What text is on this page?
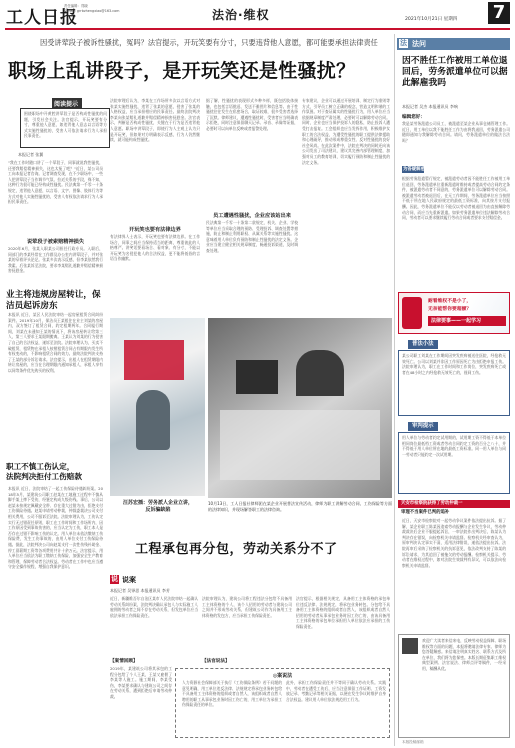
工人日报
责任编辑：郑晓
E-mail: grrbzhengxiao@163.com	法治·维权	2021年10月21日 星期四 7
因受讲荤段子被诉性骚扰，冤吗？法官提示，开玩笑要有分寸，只要违背他人意愿，都可能要承担法律责任
职场上乱讲段子，是开玩笑还是性骚扰？
阅读提示
围绕职场中开黄腔讲荤段子是否构成性骚扰的问题，引发社会关注。法官提示，开玩笑要有分寸，尊重他人意愿，如违背他人意志以言语等方式实施性骚扰的，受害人可依法请求行为人承担民事责任。
本报记者 张翼
"我在工作时随口讲了一个荤段子，同事就说我性骚扰，还要我赔偿精神损失，这也太冤了吧？"近日，某公司员工向本报记者咨询。记者调查发现，在不少职场中，一些人把讲荤段子当作调节气氛、拉近关系的手段，殊不知，这种行为很可能已经构成性骚扰。民法典第一千零一十条规定，违背他人意愿，以言语、文字、图像、肢体行为等方式对他人实施性骚扰的，受害人有权依法请求行为人承担民事责任。
说荤段子被索赔精神损失
2020年6月，张某入职某公司担任行政专员。入职后，同部门的李某经常在工作群及办公室内讲荤段子，并对张某的穿着评头论足。张某多次表示反感，但李某依然我行我素。后张某诉至法院，要求李某赔礼道歉并赔偿精神损害抚慰金。
业主将违规房屋转让，保洁员起诉房东
本报讯 近日，某区人民法院审结一起房屋租赁合同纠纷案件。2019年10月，保洁员王某租住在业主刘某的房屋内，双方签订了租赁合同，约定租期两年。合同履行期间，刘某在未通知王某的情况下，将该房屋转让给第三人，第三人要求王某限期搬离。王某认为刘某的行为侵害了自己的合法权益，遂诉至法院。法院审理认为，买卖不破租赁，租赁物在承租人按照租赁合同占有期限内发生所有权变动的，不影响租赁合同的效力。最终法院判决支持了王某的部分诉讼请求。法官提示，出租人在租赁期限内转让房屋的，应当在合理期限内通知承租人，承租人享有以同等条件优先购买的权利。
职工不慎工伤认定，
法院判决拒付工伤赔款
本报讯 近日，法院审结了一起工伤保险待遇纠纷案。2018年5月，某建筑公司职工赵某在工地施工过程中不慎从脚手架上摔下受伤，经鉴定构成九级伤残。事后，公司以赵某未按规定佩戴安全带、存在重大过错为由，拒绝支付工伤保险待遇。赵某申请劳动仲裁，仲裁委裁决公司支付相关费用，公司不服诉至法院。法院审理认为，工伤认定实行无过错责任原则，职工在工作时间和工作场所内，因工作原因受到事故伤害的，应当认定为工伤，职工本人是否存在过错不影响工伤的认定。用人单位未依法缴纳工伤保险费，发生工伤事故的，由用人单位支付工伤保险待遇。据此，法院判决公司向赵某支付一次性伤残补助金、停工留薪期工资等各项费用共计十余万元。法官提示，用人单位应当依法为职工缴纳工伤保险，加强安全生产教育和管理，保障劳动者合法权益。劳动者在工作中也应当遵守安全操作规程，增强自我保护意识。
法院审理后认为，李某在工作场所多次以言语方式对张某实施性骚扰，违背了张某的意愿，侵害了张某的人格权益，应当承担相应的民事责任。最终法院判决李某向张某赔礼道歉并赔偿精神损害抚慰金。法官表示，判断是否构成性骚扰，关键在于行为是否违背他人意愿。职场中讲荤段子，即使行为人主观上认为只是开玩笑，但如果对方明确表示反感，行为人仍然继续，就可能构成性骚扰。
开玩笑也要有法律边界
有法律界人士表示，开玩笑也要有法律边界。在工作场合，同事之间应当保持适当的距离，尊重彼此的人格尊严。讲笑话要看场合、看对象、有分寸，不能以开玩笑为名侵犯他人的合法权益，更不能将低俗的言语当作幽默。
据了解，性骚扰的表现形式多种多样，既包括肢体接触，也包括言语挑逗、发送不雅图片和信息等。由于性骚扰往往发生在私密场合，取证较难，很多受害者选择了沉默。律师建议，遭遇性骚扰时，受害者应当明确表示拒绝，同时注意保留聊天记录、录音、录像等证据，必要时可以向单位反映或者报警处理。
员工遭遇性骚扰，企业应该站出来
民法典第一千零一十条第二款规定，机关、企业、学校等单位应当采取合理的预防、受理投诉、调查处置等措施，防止和制止利用职权、从属关系等实施性骚扰。这意味着用人单位负有预防和制止性骚扰的法定义务。企业应当建立健全相关规章制度，畅通投诉渠道，及时调查处理。
专家建议，企业可以通过开展培训、制定行为准则等方式，引导员工树立正确的观念，营造文明和谐的工作氛围。对于查证属实的性骚扰行为，用人单位应当依据规章制度严肃处理，必要时可以解除劳动合同。同时，企业也应当保护投诉人的隐私，防止投诉人遭受打击报复。工会组织也应当发挥作用，积极维护女职工的合法权益，为遭受性骚扰的职工提供法律援助和心理疏导，推动形成尊重女性、反对性骚扰的良好社会风尚。在此次案件中，法院在判决的同时还向该公司发出了司法建议，建议其完善内部管理制度，加强对员工的教育培训，切实履行预防和制止性骚扰的法定义务。
汪苏宏插：劳务派人企业立讲，
反诉骗缺陷
10月13日，工人日报社律师团在某企业开展普法宣传活动，律师为职工讲解劳动合同、工伤保险等方面的法律知识，并现场解答职工的法律咨询。
工程承包再分包，劳动关系分不了
说 说案
本报记者 吴铎思 本报通讯员 李芳
近日，新疆维吾尔自治区某市人民法院审结一起确认劳动关系纠纷案，法院判决确认承包人与实际施工人雇佣的劳动者之间不存在劳动关系，但发包单位应当依法承担工伤保险责任。
【案情回顾】
2019年，某建筑公司将其承包的工程分包给了个人王某，王某又雇佣了李某等人施工。施工期间，李某受伤，李某要求确认与建筑公司之间存在劳动关系，遭到拒绝后申请劳动仲裁。
法院审理认为，建筑公司将工程违法分包给不具备用工主体资格的个人，该个人招用的劳动者与建筑公司之间并不形成劳动关系，但建筑公司作为具备用工主体资格的发包方，应当承担工伤保险责任。
【法官说法】
法官提示，根据相关规定，具备用工主体资格的承包单位违反法律、法规规定，将承包业务转包、分包给不具备用工主体资格的组织或者自然人，该组织或者自然人招用的劳动者从事承包业务时因工伤亡的，由该具备用工主体资格的承包单位承担用人单位依法应承担的工伤保险责任。
◎案说法
人力资源社会保障部关于执行《工伤保险条例》若干问题的意见明确，用工单位违反法律、法规规定将承包业务转包给不具备用工主体资格的组织或者自然人，该组织或者自然人聘用的职工从事承包业务时因工伤亡的，用工单位为承担工伤保险责任的单位。
此外，承担工伤保险责任并不等同于确认劳动关系。实践中，劳动者在遭受工伤后，应当注意保留工作证明、工资发放记录、考勤记录等相关证据，以便在发生争议时维护自身合法权益。建议用人单位依法规范用工行为。
法 法问
因不胜任工作被用工单位退回后，劳务派遣单位可以据此解雇我吗
本报记者 吴杰 本报通讯员 李响
编辑您好：
我是某劳务派遣公司员工，被派遣至某企业从事仓储管理工作。近日，用工单位以我不能胜任工作为由将我退回，劳务派遣公司随即通知与我解除劳动合同。请问，劳务派遣单位的做法合法吗？
为答疑解惑
根据劳务派遣暂行规定，被派遣劳动者因不能胜任工作被用工单位退回，劳务派遣单位重新派遣时维持或者提高劳动合同约定条件，被派遣劳动者不同意的，劳务派遣单位可以解除劳动合同。被派遣劳动者被退回后，在无工作期间，劳务派遣单位应当按照不低于所在地人民政府规定的最低工资标准，向其按月支付报酬。因此，劳务派遣单位不能仅以劳动者被退回为由直接解除劳动合同，而应当先重新派遣。如果劳务派遣单位违法解除劳动合同，劳动者可以要求继续履行劳动合同或者要求支付赔偿金。
耐看维权不是小了，
无奈能帮你要超额？
法律要事——一起学习
普法小法
某公司职工刘某在工作期间因突发疾病被送往医院，经抢救无效死亡。公司以刘某并非因工作原因死亡为由拒绝申报工伤。法院审理认为，职工在工作时间和工作岗位，突发疾病死亡或者在48小时之内经抢救无效死亡的，视同工伤。
审判提示
用人单位与劳动者约定试用期的，试用期工资不得低于本单位相同岗位最低档工资或者劳动合同约定工资的百分之八十，并不得低于用人单位所在地的最低工资标准。同一用人单位与同一劳动者只能约定一次试用期。
天安市检察院获得了劳动仲裁一
审理不当案件已判的追补
近日，天安市检察院对一起劳动争议案件依法提出抗诉。据了解，某企业职工陈某因追索劳动报酬与企业发生争议，劳动仲裁裁决后企业不服提起诉讼，一审法院作出判决后，陈某认为判决存在错误，向检察机关申请监督。检察机关经审查认为，原审判决认定事实不清，适用法律错误，遂依法提出抗诉。法院再审后采纳了检察机关的抗诉意见，依法改判支持了陈某的诉讼请求，为其追回了被拖欠的劳动报酬。检察机关提示，劳动者在维权过程中，如对法院生效裁判有异议，可以依法向检察机关申请监督。
欢迎广大读者来信来电，反映劳动权益保障、职场维权等方面的问题，本报将邀请法律专家、律师为您答疑解惑。来信请注明真实姓名、联系方式及所在单位，我们将为您保密。本版长期征集职工维权典型案例、法官说法、律师点评等稿件，一经采用，稿酬从优。
本版投稿邮箱
